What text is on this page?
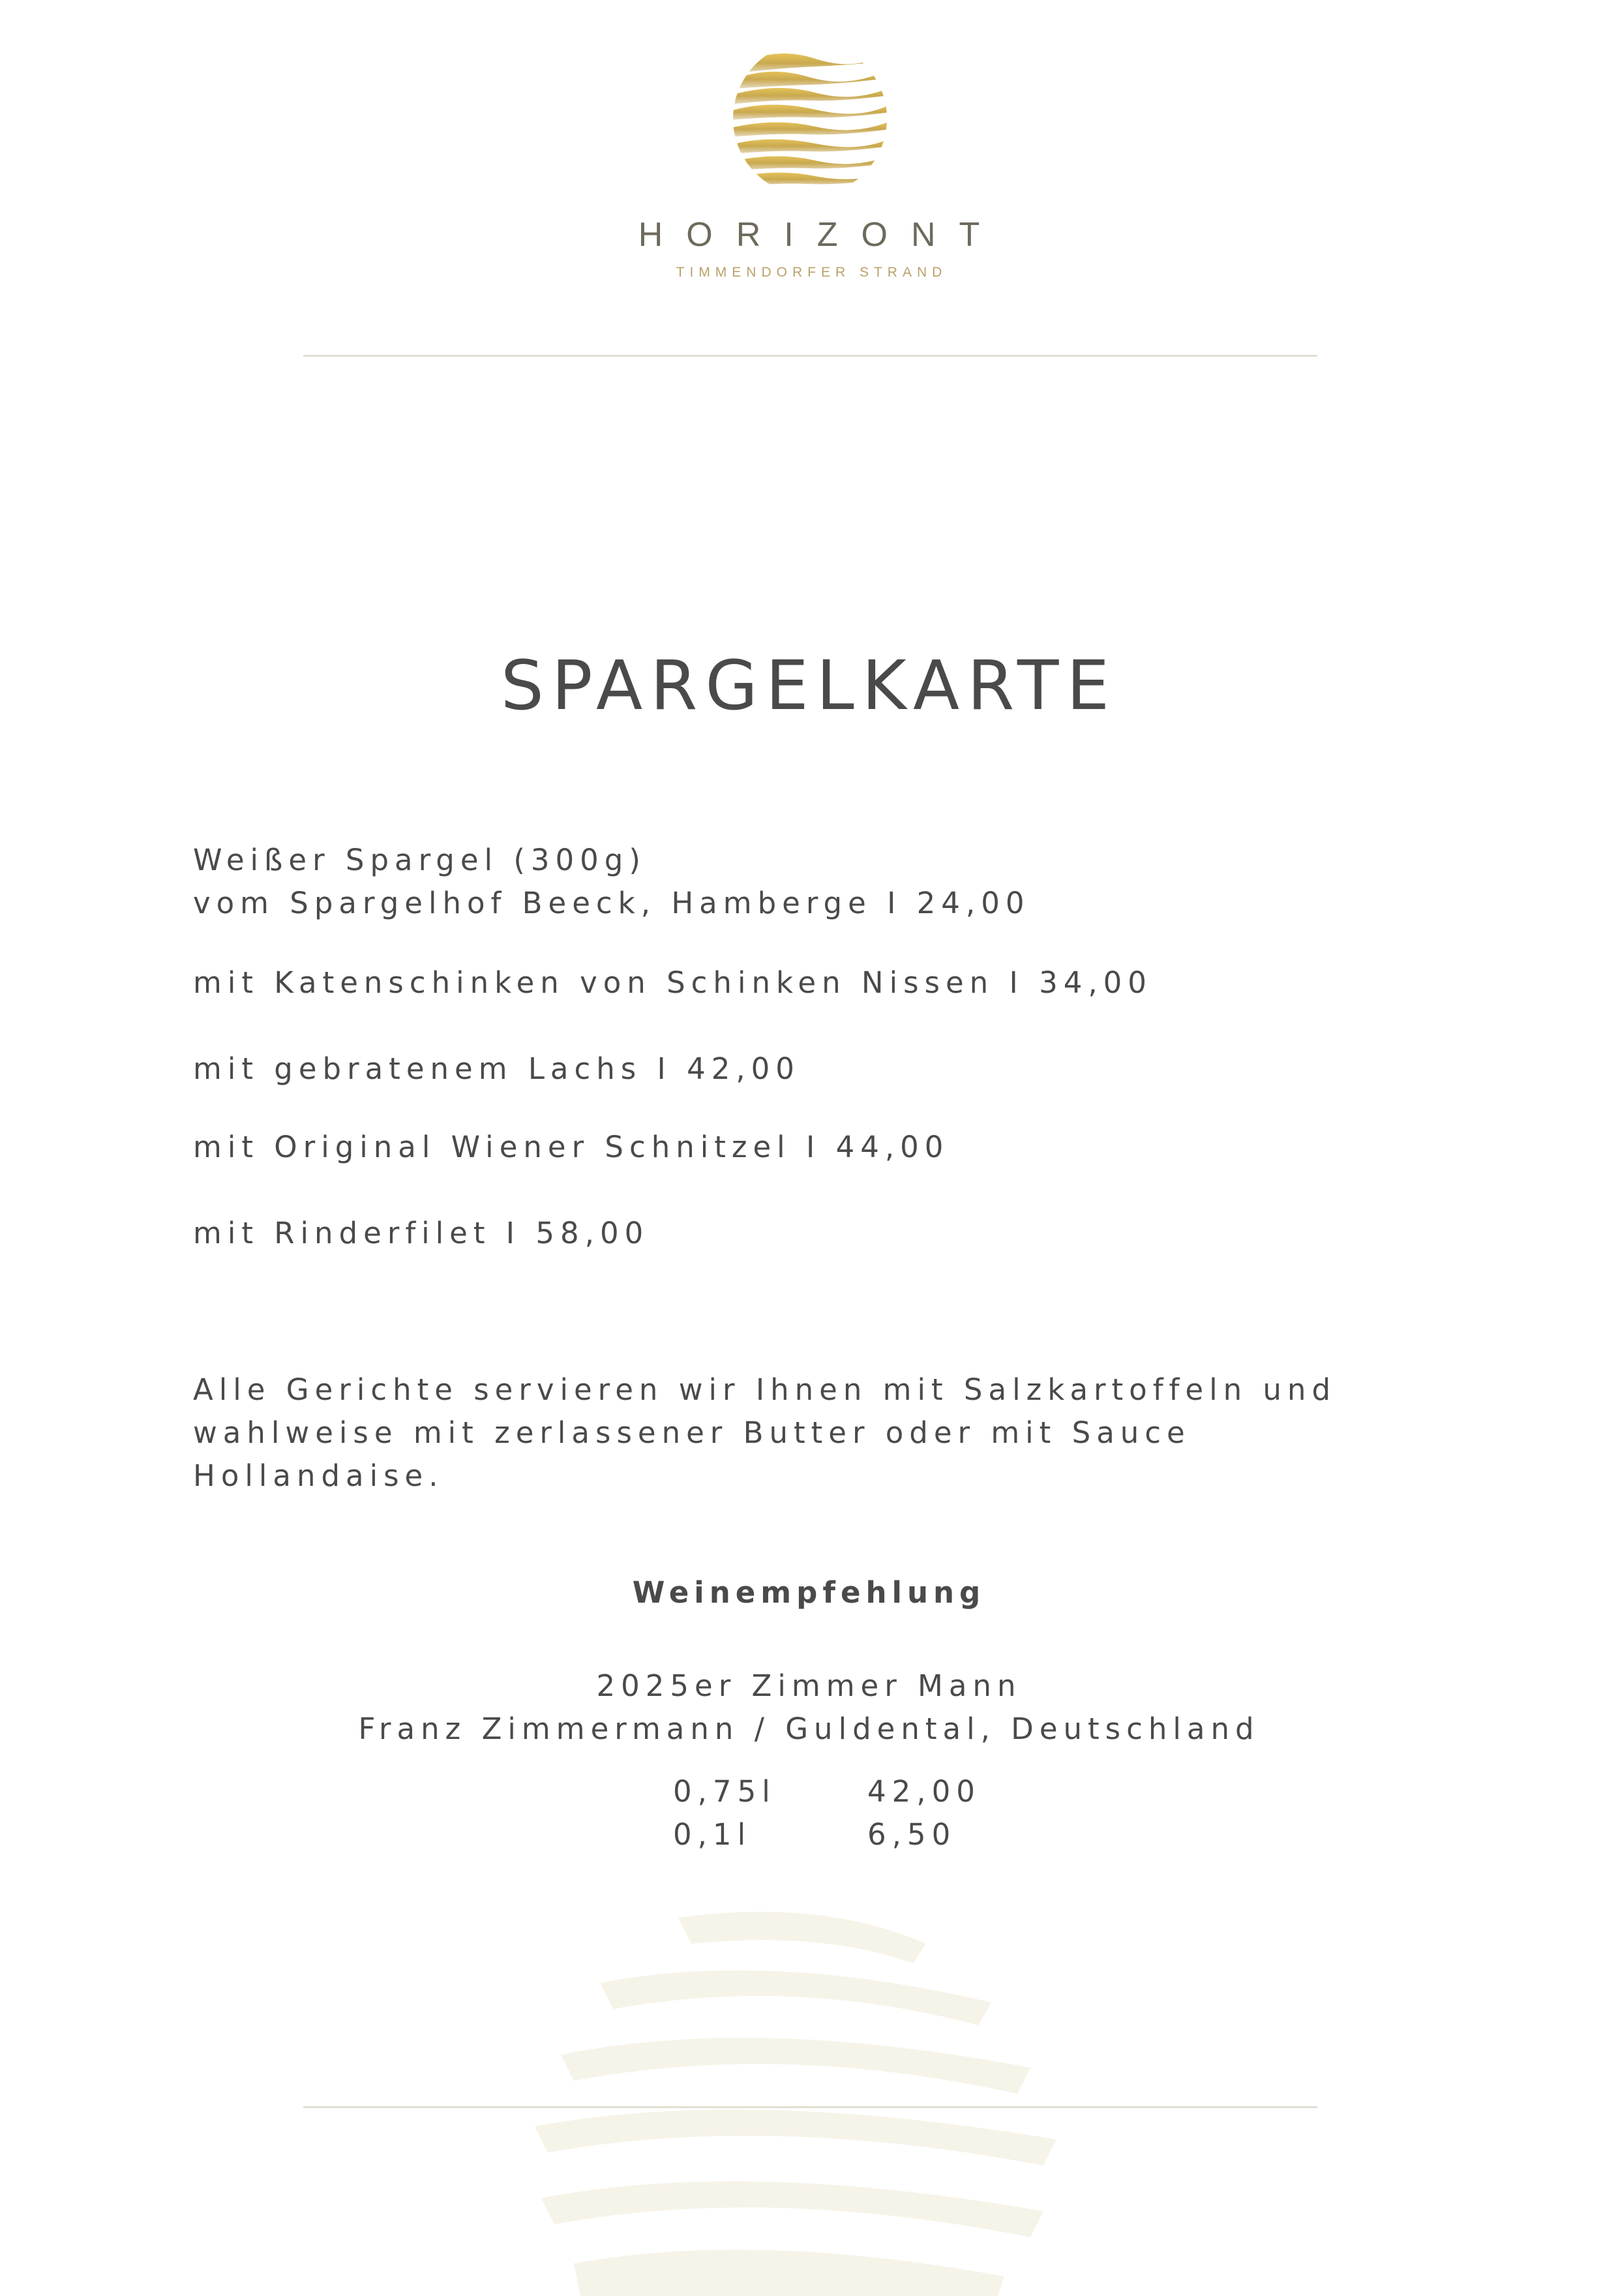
HORIZONT
TIMMENDORFER STRAND
SPARGELKARTE
Weißer Spargel (300g)
vom Spargelhof Beeck, Hamberge I 24,00
mit Katenschinken von Schinken Nissen I 34,00
mit gebratenem Lachs I 42,00
mit Original Wiener Schnitzel I 44,00
mit Rinderfilet I 58,00
Alle Gerichte servieren wir Ihnen mit Salzkartoffeln und
wahlweise mit zerlassener Butter oder mit Sauce
Hollandaise.
Weinempfehlung
2025er Zimmer Mann
Franz Zimmermann / Guldental, Deutschland
0,75l	42,00
0,1l	6,50
